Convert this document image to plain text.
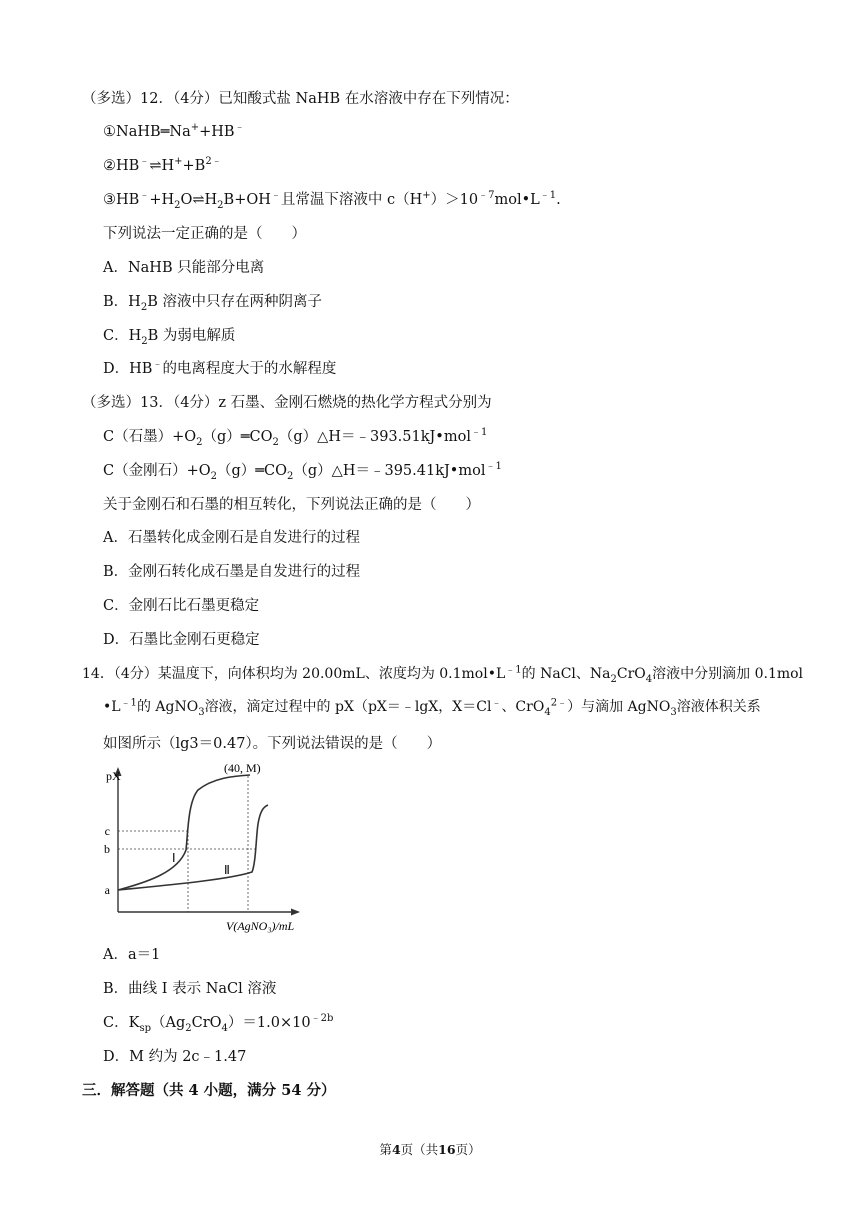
（多选）12．（4分）已知酸式盐 NaHB 在水溶液中存在下列情况：
①NaHB═Na++HB﹣
$②HB^﹣\rightleftharpoons H^++B^{2﹣}$
$③HB^﹣+H_2O\rightleftharpoons H_2B+OH^﹣$且常温下溶液中 $c(H^+)>10^{﹣7}mol•L^{﹣1}$.
下列说法一定正确的是（　　）
A．NaHB 只能部分电离
B．$H_2B$ 溶液中只存在两种阴离子
C．$H_2B$ 为弱电解质
D．HB﹣的电离程度大于的水解程度
（多选）13．（4分）z 石墨、金刚石燃烧的热化学方程式分别为
C（石墨）$+O_2(g)═CO_2(g)\triangle H=﹣393.51kJ•mol^{﹣1}$
C（金刚石）$+O_2(g)═CO_2(g)\triangle H=﹣395.41kJ•mol^{﹣1}$
关于金刚石和石墨的相互转化，下列说法正确的是（　　）
A．石墨转化成金刚石是自发进行的过程
B．金刚石转化成石墨是自发进行的过程
C．金刚石比石墨更稳定
D．石墨比金刚石更稳定
14．（4分）某温度下，向体积均为 20.00mL、浓度均为 $0.1mol•L^{﹣1}$的 NaCl、$Na_2CrO_4$溶液中分别滴加 0.1mol
$•L^{﹣1}$的 AgNO$_3$溶液，滴定过程中的 pX（pX＝﹣lgX，X＝Cl﹣、CrO$_4^{2﹣}$）与滴加 AgNO$_3$溶液体积关系
如图所示（lg3＝0.47）。下列说法错误的是（　　）
pX
(40, M)
c
b
a
Ⅰ
Ⅱ
V(AgNO₃)/mL
A．a＝1
B．曲线 I 表示 NaCl 溶液
C．$K_{sp}(Ag_2CrO_4)=1.0\times 10^{﹣2b}$
D．M 约为 2c﹣1.47
三．解答题（共 4 小题，满分 54 分）
第4页（共16页）
